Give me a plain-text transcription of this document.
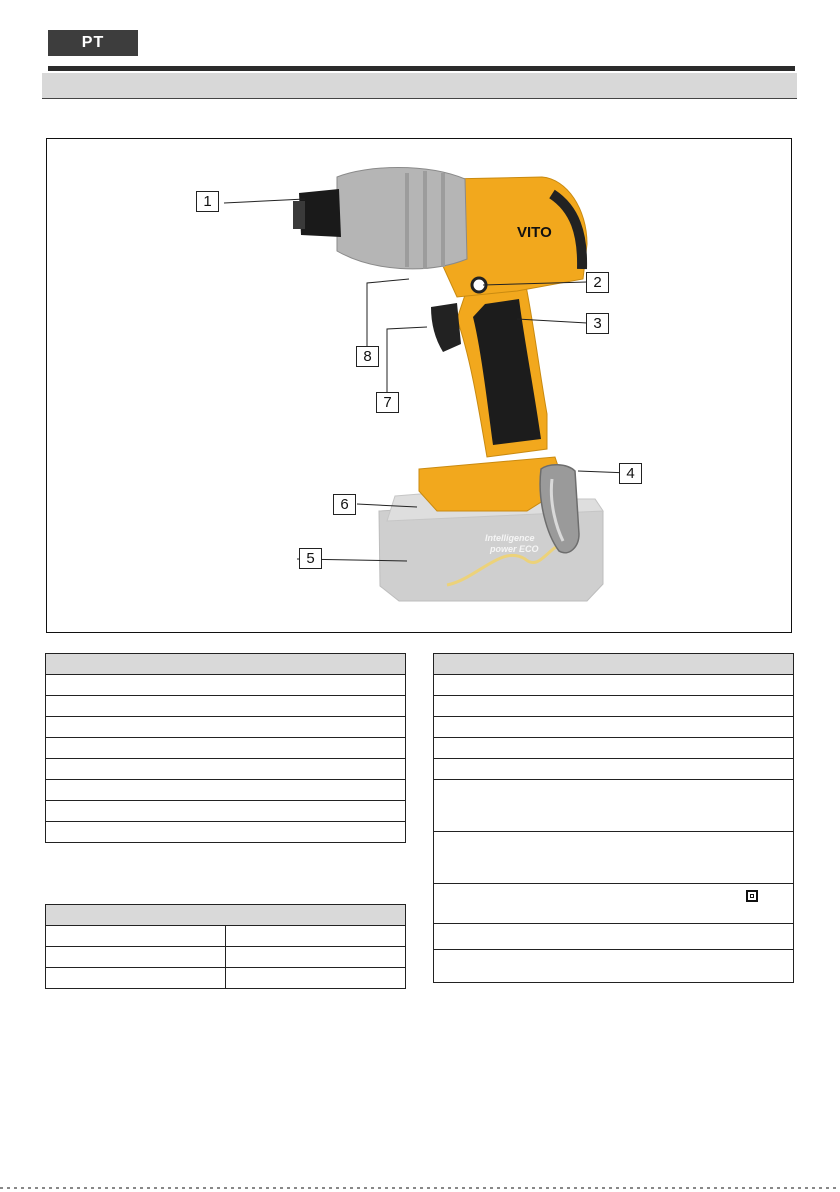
PT
Intelligence
power ECO
VITO
1
2
3
4
5
6
7
8
